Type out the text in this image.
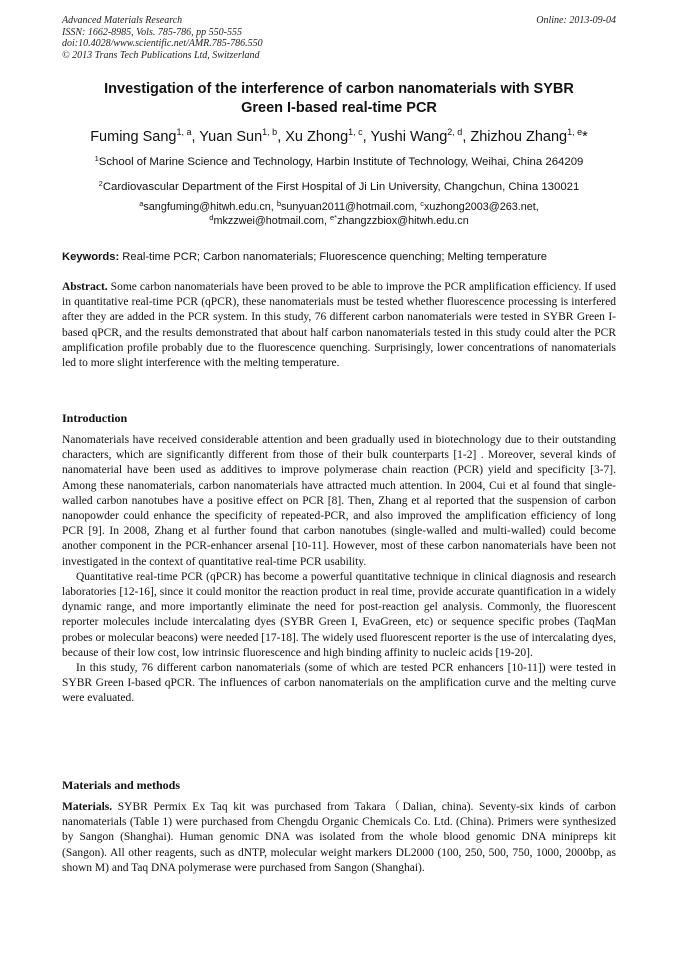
Advanced Materials Research
ISSN: 1662-8985, Vols. 785-786, pp 550-555
doi:10.4028/www.scientific.net/AMR.785-786.550
© 2013 Trans Tech Publications Ltd, Switzerland
Online: 2013-09-04
Investigation of the interference of carbon nanomaterials with SYBR
Green I-based real-time PCR
Fuming Sang$^{1, a}$, Yuan Sun$^{1, b}$, Xu Zhong$^{1, c}$, Yushi Wang$^{2, d}$, Zhizhou Zhang$^{1, e}$*
$^1$School of Marine Science and Technology, Harbin Institute of Technology, Weihai, China 264209
$^2$Cardiovascular Department of the First Hospital of Ji Lin University, Changchun, China 130021
$^a$sangfuming@hitwh.edu.cn, $^b$sunyuan2011@hotmail.com, $^c$xuzhong2003@263.net,
$^d$mkzzwei@hotmail.com, $^{e*}$zhangzzbiox@hitwh.edu.cn
Keywords: Real-time PCR; Carbon nanomaterials; Fluorescence quenching; Melting temperature
Abstract. Some carbon nanomaterials have been proved to be able to improve the PCR amplification efficiency. If used in quantitative real-time PCR (qPCR), these nanomaterials must be tested whether fluorescence processing is interfered after they are added in the PCR system. In this study, 76 different carbon nanomaterials were tested in SYBR Green I-based qPCR, and the results demonstrated that about half carbon nanomaterials tested in this study could alter the PCR amplification profile probably due to the fluorescence quenching. Surprisingly, lower concentrations of nanomaterials led to more slight interference with the melting temperature.
Introduction

Nanomaterials have received considerable attention and been gradually used in biotechnology due to their outstanding characters, which are significantly different from those of their bulk counterparts [1-2] . Moreover, several kinds of nanomaterial have been used as additives to improve polymerase chain reaction (PCR) yield and specificity [3-7]. Among these nanomaterials, carbon nanomaterials have attracted much attention. In 2004, Cui et al found that single-walled carbon nanotubes have a positive effect on PCR [8]. Then, Zhang et al reported that the suspension of carbon nanopowder could enhance the specificity of repeated-PCR, and also improved the amplification efficiency of long PCR [9]. In 2008, Zhang et al further found that carbon nanotubes (single-walled and multi-walled) could become another component in the PCR-enhancer arsenal [10-11]. However, most of these carbon nanomaterials have been not investigated in the context of quantitative real-time PCR usability.

Quantitative real-time PCR (qPCR) has become a powerful quantitative technique in clinical diagnosis and research laboratories [12-16], since it could monitor the reaction product in real time, provide accurate quantification in a widely dynamic range, and more importantly eliminate the need for post-reaction gel analysis. Commonly, the fluorescent reporter molecules include intercalating dyes (SYBR Green I, EvaGreen, etc) or sequence specific probes (TaqMan probes or molecular beacons) were needed [17-18]. The widely used fluorescent reporter is the use of intercalating dyes, because of their low cost, low intrinsic fluorescence and high binding affinity to nucleic acids [19-20].

In this study, 76 different carbon nanomaterials (some of which are tested PCR enhancers [10-11]) were tested in SYBR Green I-based qPCR. The influences of carbon nanomaterials on the amplification curve and the melting curve were evaluated.

Materials and methods
Materials. SYBR Permix Ex Taq kit was purchased from Takara（Dalian, china). Seventy-six kinds of carbon nanomaterials (Table 1) were purchased from Chengdu Organic Chemicals Co. Ltd. (China). Primers were synthesized by Sangon (Shanghai). Human genomic DNA was isolated from the whole blood genomic DNA minipreps kit (Sangon). All other reagents, such as dNTP, molecular weight markers DL2000 (100, 250, 500, 750, 1000, 2000bp, as shown M) and Taq DNA polymerase were purchased from Sangon (Shanghai).
